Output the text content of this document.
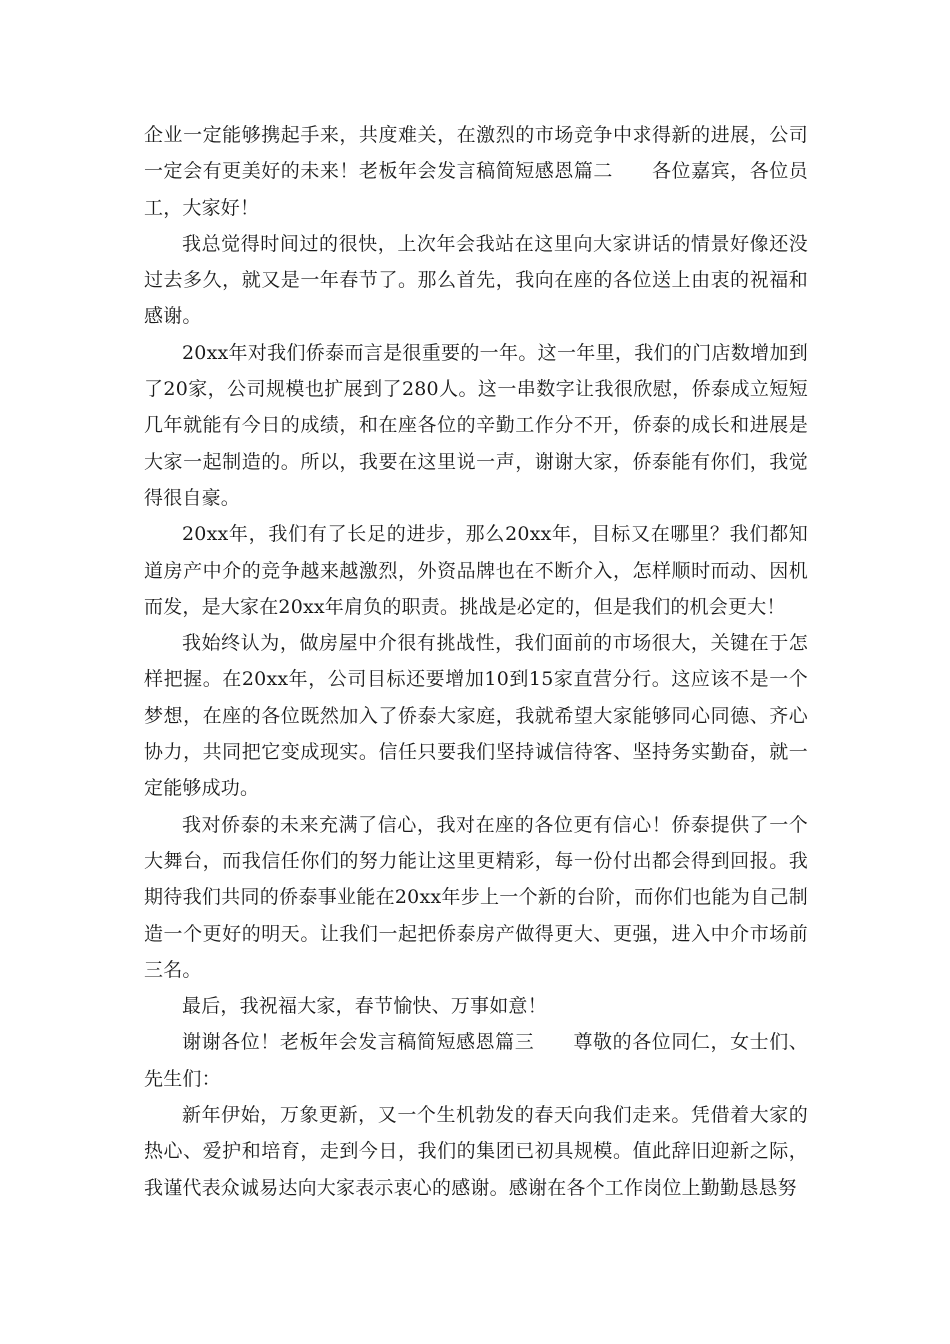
企业一定能够携起手来，共度难关，在激烈的市场竞争中求得新的进展，公司一定会有更美好的未来！老板年会发言稿简短感恩篇二　　各位嘉宾，各位员工，大家好！

我总觉得时间过的很快，上次年会我站在这里向大家讲话的情景好像还没过去多久，就又是一年春节了。那么首先，我向在座的各位送上由衷的祝福和感谢。

20xx年对我们侨泰而言是很重要的一年。这一年里，我们的门店数增加到了20家，公司规模也扩展到了280人。这一串数字让我很欣慰，侨泰成立短短几年就能有今日的成绩，和在座各位的辛勤工作分不开，侨泰的成长和进展是大家一起制造的。所以，我要在这里说一声，谢谢大家，侨泰能有你们，我觉得很自豪。

20xx年，我们有了长足的进步，那么20xx年，目标又在哪里？我们都知道房产中介的竞争越来越激烈，外资品牌也在不断介入，怎样顺时而动、因机而发，是大家在20xx年肩负的职责。挑战是必定的，但是我们的机会更大！

我始终认为，做房屋中介很有挑战性，我们面前的市场很大，关键在于怎样把握。在20xx年，公司目标还要增加10到15家直营分行。这应该不是一个梦想，在座的各位既然加入了侨泰大家庭，我就希望大家能够同心同德、齐心协力，共同把它变成现实。信任只要我们坚持诚信待客、坚持务实勤奋，就一定能够成功。

我对侨泰的未来充满了信心，我对在座的各位更有信心！侨泰提供了一个大舞台，而我信任你们的努力能让这里更精彩，每一份付出都会得到回报。我期待我们共同的侨泰事业能在20xx年步上一个新的台阶，而你们也能为自己制造一个更好的明天。让我们一起把侨泰房产做得更大、更强，进入中介市场前三名。

最后，我祝福大家，春节愉快、万事如意！

谢谢各位！老板年会发言稿简短感恩篇三　　尊敬的各位同仁，女士们、先生们：

新年伊始，万象更新，又一个生机勃发的春天向我们走来。凭借着大家的热心、爱护和培育，走到今日，我们的集团已初具规模。值此辞旧迎新之际，我谨代表众诚易达向大家表示衷心的感谢。感谢在各个工作岗位上勤勤恳恳努
